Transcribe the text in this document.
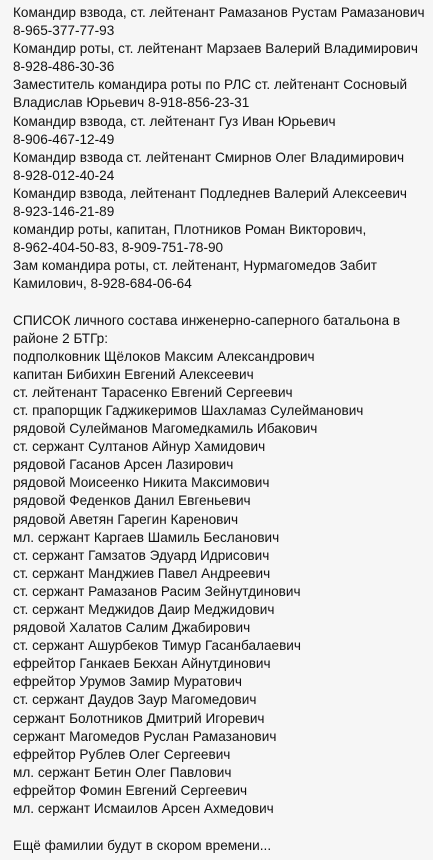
Командир взвода, ст. лейтенант Рамазанов Рустам Рамазанович
8-965-377-77-93
Командир роты, ст. лейтенант Марзаев Валерий Владимирович
8-928-486-30-36
Заместитель командира роты по РЛС ст. лейтенант Сосновый
Владислав Юрьевич 8-918-856-23-31
Командир взвода, ст. лейтенант Гуз Иван Юрьевич
8-906-467-12-49
Командир взвода ст. лейтенант Смирнов Олег Владимирович
8-928-012-40-24
Командир взвода, лейтенант Подледнев Валерий Алексеевич
8-923-146-21-89
командир роты, капитан, Плотников Роман Викторович,
8-962-404-50-83, 8-909-751-78-90
Зам командира роты, ст. лейтенант, Нурмагомедов Забит
Камилович, 8-928-684-06-64
СПИСОК личного состава инженерно-саперного батальона в
районе 2 БТГр:
подполковник Щёлоков Максим Александрович
капитан Бибихин Евгений Алексеевич
ст. лейтенант Тарасенко Евгений Сергеевич
ст. прапорщик Гаджикеримов Шахламаз Сулейманович
рядовой Сулейманов Магомедкамиль Ибакович
ст. сержант Султанов Айнур Хамидович
рядовой Гасанов Арсен Лазирович
рядовой Моисеенко Никита Максимович
рядовой Феденков Данил Евгеньевич
рядовой Аветян Гарегин Каренович
мл. сержант Каргаев Шамиль Бесланович
ст. сержант Гамзатов Эдуард Идрисович
ст. сержант Манджиев Павел Андреевич
ст. сержант Рамазанов Расим Зейнутдинович
ст. сержант Меджидов Даир Меджидович
рядовой Халатов Салим Джабирович
ст. сержант Ашурбеков Тимур Гасанбалаевич
ефрейтор Ганкаев Бекхан Айнутдинович
ефрейтор Урумов Замир Муратович
ст. сержант Даудов Заур Магомедович
сержант Болотников Дмитрий Игоревич
сержант Магомедов Руслан Рамазанович
ефрейтор Рублев Олег Сергеевич
мл. сержант Бетин Олег Павлович
ефрейтор Фомин Евгений Сергеевич
мл. сержант Исмаилов Арсен Ахмедович
Ещё фамилии будут в скором времени...
